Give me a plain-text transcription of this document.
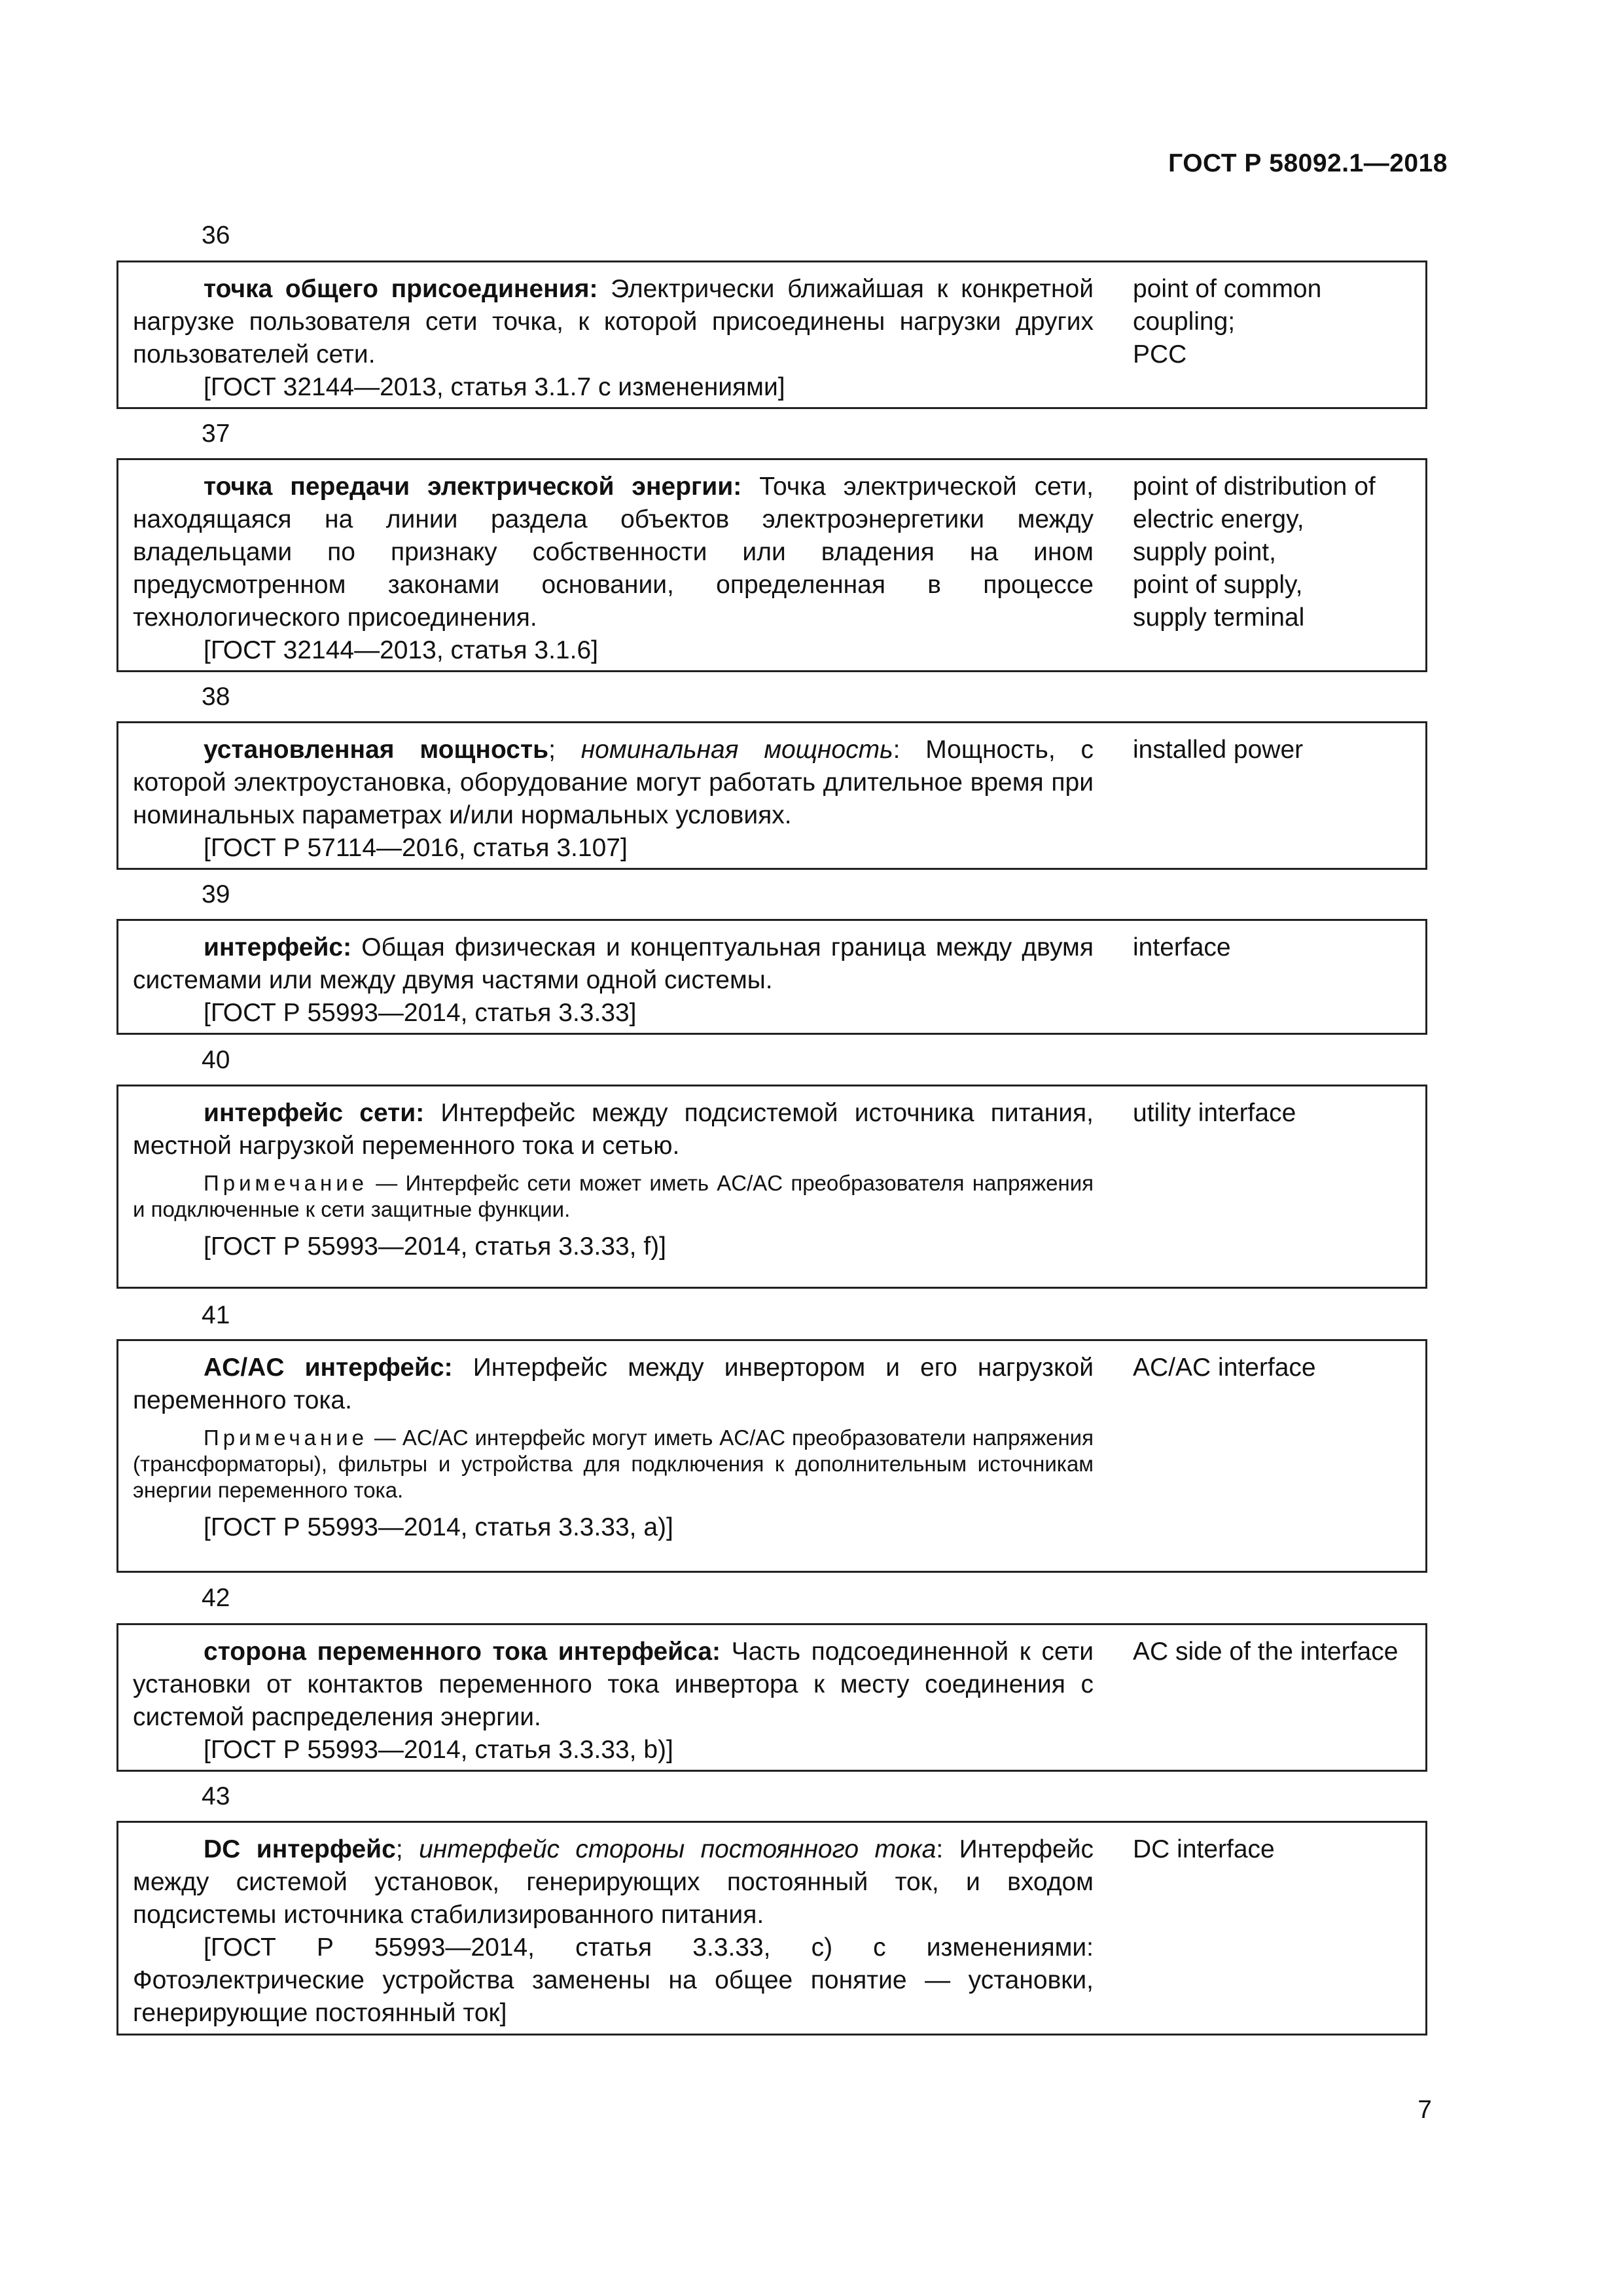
ГОСТ Р 58092.1—2018
36

точка общего присоединения: Электрически ближайшая к конкретной нагрузке пользователя сети точка, к которой присоединены нагрузки других пользователей сети.

[ГОСТ 32144—2013, статья 3.1.7 с изменениями]

point of common
coupling;
PCC
37

точка передачи электрической энергии: Точка электрической сети, находящаяся на линии раздела объектов электроэнергетики между владельцами по признаку собственности или владения на ином предусмотренном законами основании, определенная в процессе технологического присоединения.

[ГОСТ 32144—2013, статья 3.1.6]

point of distribution of
electric energy,
supply point,
point of supply,
supply terminal
38

установленная мощность; номинальная мощность: Мощность, с которой электроустановка, оборудование могут работать длительное время при номинальных параметрах и/или нормальных условиях.

[ГОСТ Р 57114—2016, статья 3.107]

installed power
39

интерфейс: Общая физическая и концептуальная граница между двумя системами или между двумя частями одной системы.

[ГОСТ Р 55993—2014, статья 3.3.33]

interface
40

интерфейс сети: Интерфейс между подсистемой источника питания, местной нагрузкой переменного тока и сетью.

Примечание — Интерфейс сети может иметь AC/AC преобразователя напряжения и подключенные к сети защитные функции.

[ГОСТ Р 55993—2014, статья 3.3.33, f)]

utility interface
41

AC/AC интерфейс: Интерфейс между инвертором и его нагрузкой переменного тока.

Примечание — AC/AC интерфейс могут иметь AC/AC преобразователи напряжения (трансформаторы), фильтры и устройства для подключения к дополнительным источникам энергии переменного тока.

[ГОСТ Р 55993—2014, статья 3.3.33, а)]

AC/AC interface
42

сторона переменного тока интерфейса: Часть подсоединенной к сети установки от контактов переменного тока инвертора к месту соединения с системой распределения энергии.

[ГОСТ Р 55993—2014, статья 3.3.33, b)]

AC side of the interface
43

DC интерфейс; интерфейс стороны постоянного тока: Интерфейс между системой установок, генерирующих постоянный ток, и входом подсистемы источника стабилизированного питания.

[ГОСТ Р 55993—2014, статья 3.3.33, с) с изменениями: Фотоэлектрические устройства заменены на общее понятие — установки, генерирующие постоянный ток]

DC interface
7
